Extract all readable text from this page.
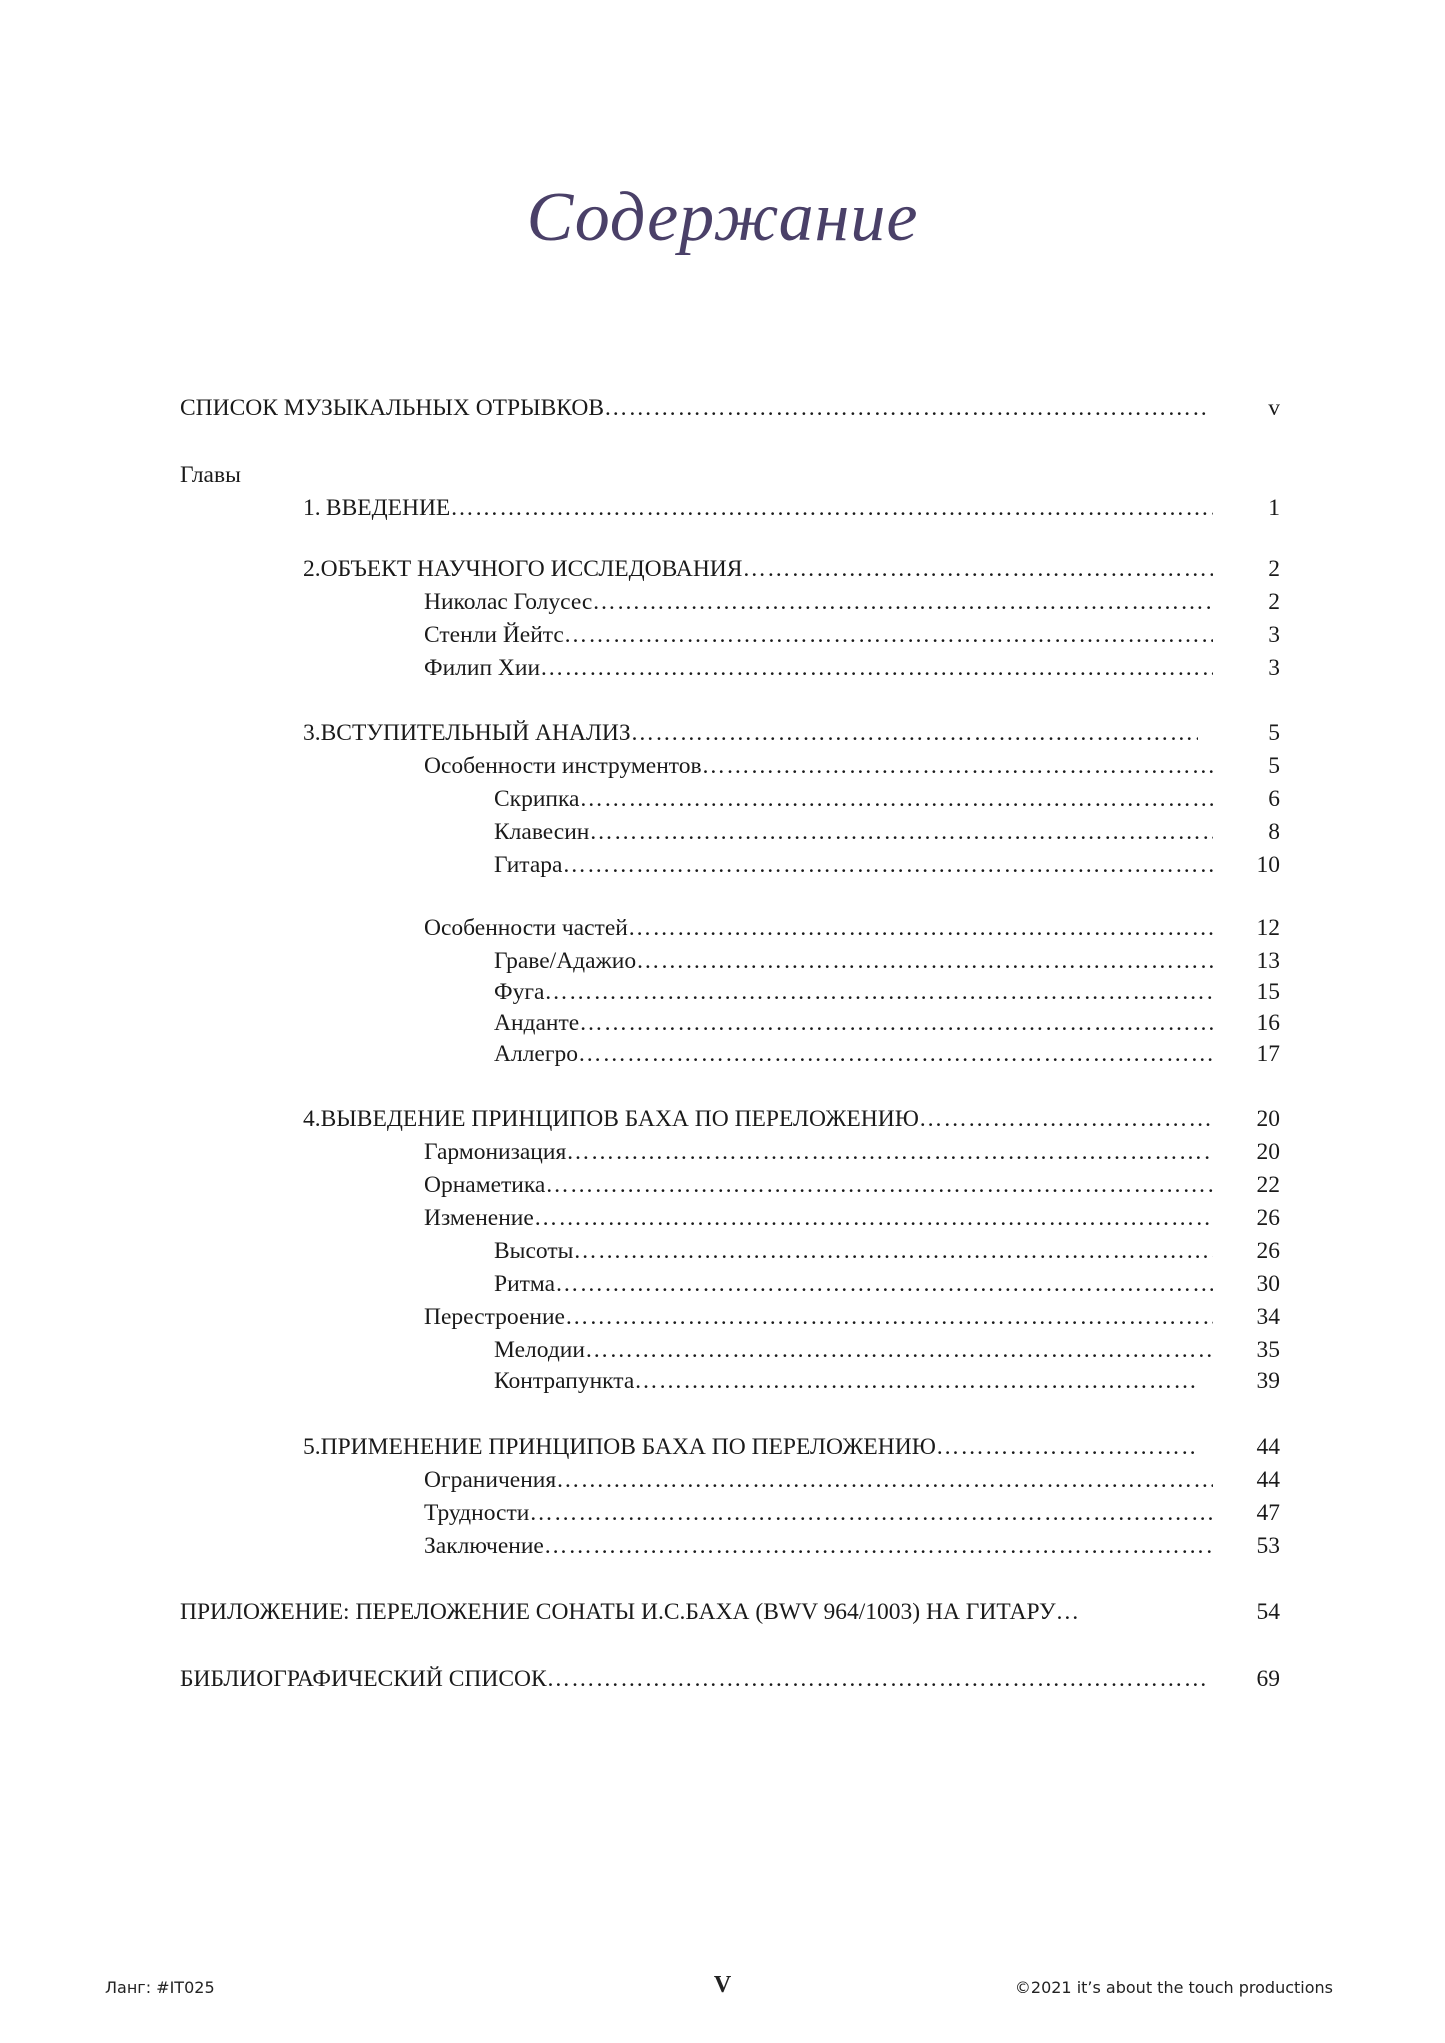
Содержание
СПИСОК МУЗЫКАЛЬНЫХ ОТРЫВКОВ ……………………………………………………………………………………………………………………………………………………………………………………	v
Главы
1. ВВЕДЕНИЕ ……………………………………………………………………………………………………………………………………………………………………………………	1
2. ОБЪЕКТ НАУЧНОГО ИССЛЕДОВАНИЯ ……………………………………………………………………………………………………………………………………………………………………………………	2
Николас Голусес ……………………………………………………………………………………………………………………………………………………………………………………	2
Стенли Йейтс ……………………………………………………………………………………………………………………………………………………………………………………	3
Филип Хии ……………………………………………………………………………………………………………………………………………………………………………………	3
3. ВСТУПИТЕЛЬНЫЙ АНАЛИЗ ……………………………………………………………………………………………………………………………………………………………………………………	5
Особенности инструментов ……………………………………………………………………………………………………………………………………………………………………………………	5
Скрипка ……………………………………………………………………………………………………………………………………………………………………………………	6
Клавесин ……………………………………………………………………………………………………………………………………………………………………………………	8
Гитара ……………………………………………………………………………………………………………………………………………………………………………………	10
Особенности частей ……………………………………………………………………………………………………………………………………………………………………………………	12
Граве/Адажио ……………………………………………………………………………………………………………………………………………………………………………………	13
Фуга ……………………………………………………………………………………………………………………………………………………………………………………	15
Анданте ……………………………………………………………………………………………………………………………………………………………………………………	16
Аллегро ……………………………………………………………………………………………………………………………………………………………………………………	17
4. ВЫВЕДЕНИЕ ПРИНЦИПОВ БАХА ПО ПЕРЕЛОЖЕНИЮ ……………………………………………………………………………………………………………………………………………………………………………………	20
Гармонизация ……………………………………………………………………………………………………………………………………………………………………………………	20
Орнаметика ……………………………………………………………………………………………………………………………………………………………………………………	22
Изменение ……………………………………………………………………………………………………………………………………………………………………………………	26
Высоты ……………………………………………………………………………………………………………………………………………………………………………………	26
Ритма ……………………………………………………………………………………………………………………………………………………………………………………	30
Перестроение ……………………………………………………………………………………………………………………………………………………………………………………	34
Мелодии ……………………………………………………………………………………………………………………………………………………………………………………	35
Контрапункта ……………………………………………………………………………………………………………………………………………………………………………………	39
5. ПРИМЕНЕНИЕ ПРИНЦИПОВ БАХА ПО ПЕРЕЛОЖЕНИЮ ……………………………………………………………………………………………………………………………………………………………………………………	44
Ограничения ……………………………………………………………………………………………………………………………………………………………………………………	44
Трудности ……………………………………………………………………………………………………………………………………………………………………………………	47
Заключение ……………………………………………………………………………………………………………………………………………………………………………………	53
ПРИЛОЖЕНИЕ: ПЕРЕЛОЖЕНИЕ СОНАТЫ И.С.БАХА (BWV 964/1003) НА ГИТАРУ…	54
БИБЛИОГРАФИЧЕСКИЙ СПИСОК ……………………………………………………………………………………………………………………………………………………………………………………	69
Ланг: #IT025	V	©2021 it’s about the touch productions
